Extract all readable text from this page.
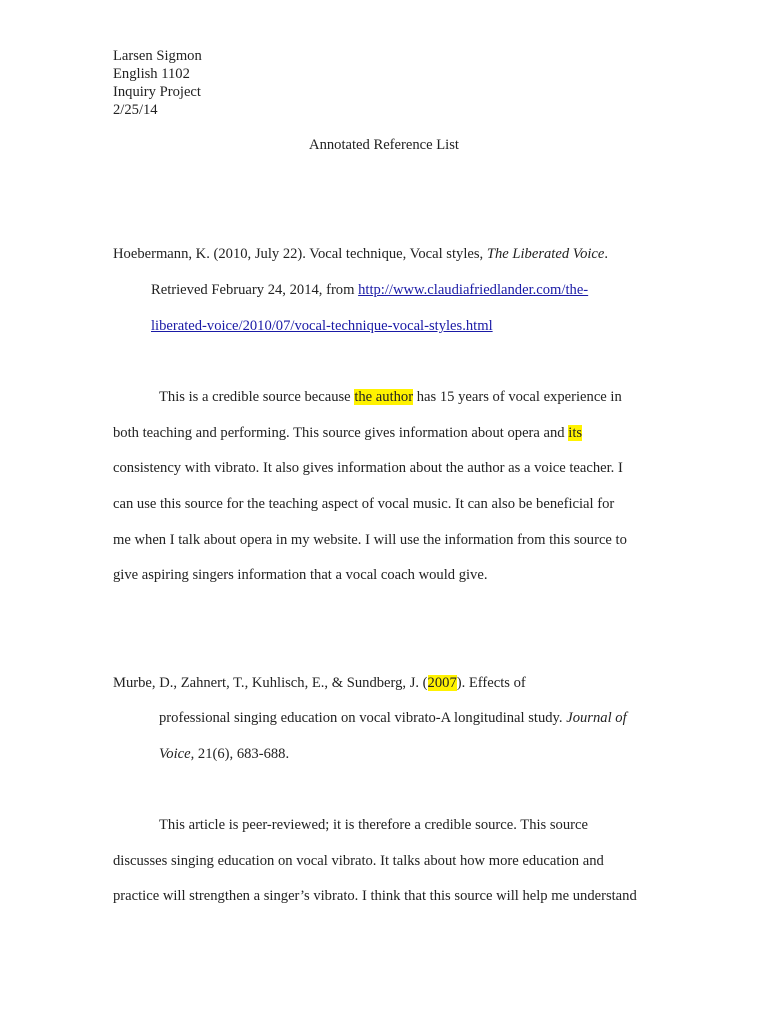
Larsen Sigmon
English 1102
Inquiry Project
2/25/14
Annotated Reference List
Hoebermann, K. (2010, July 22). Vocal technique, Vocal styles, The Liberated Voice.
Retrieved February 24, 2014, from http://www.claudiafriedlander.com/the-
liberated-voice/2010/07/vocal-technique-vocal-styles.html
This is a credible source because the author has 15 years of vocal experience in
both teaching and performing. This source gives information about opera and its
consistency with vibrato. It also gives information about the author as a voice teacher. I
can use this source for the teaching aspect of vocal music. It can also be beneficial for
me when I talk about opera in my website. I will use the information from this source to
give aspiring singers information that a vocal coach would give.
Murbe, D., Zahnert, T., Kuhlisch, E., & Sundberg, J. (2007). Effects of
professional singing education on vocal vibrato-A longitudinal study. Journal of
Voice, 21(6), 683-688.
This article is peer-reviewed; it is therefore a credible source. This source
discusses singing education on vocal vibrato. It talks about how more education and
practice will strengthen a singer’s vibrato. I think that this source will help me understand
